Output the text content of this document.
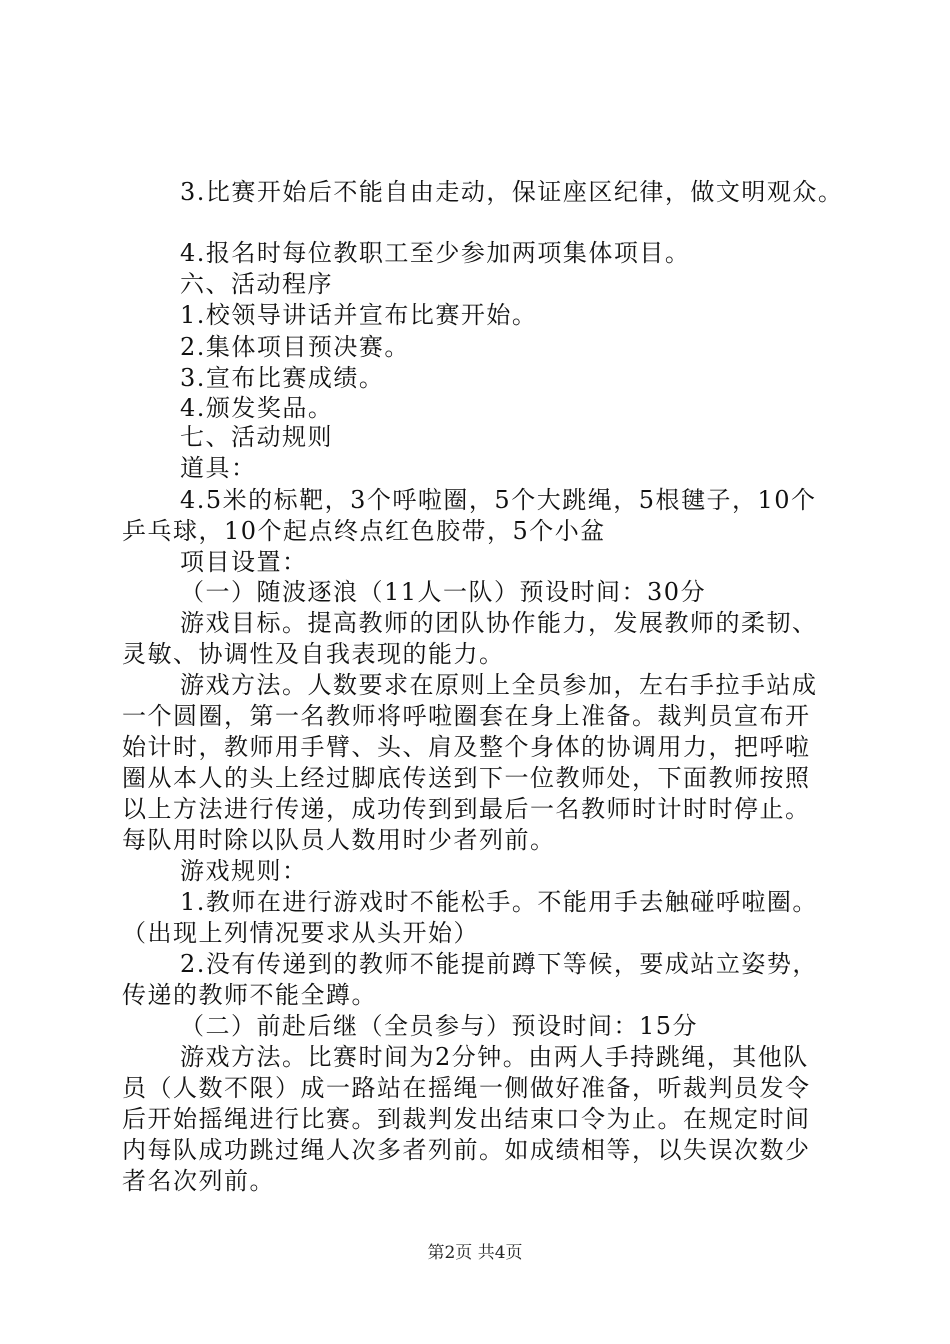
3.比赛开始后不能自由走动，保证座区纪律，做文明观众。
4.报名时每位教职工至少参加两项集体项目。
六、活动程序
1.校领导讲话并宣布比赛开始。
2.集体项目预决赛。
3.宣布比赛成绩。
4.颁发奖品。
七、活动规则
道具：
4.5米的标靶，3个呼啦圈，5个大跳绳，5根毽子，10个
乒乓球，10个起点终点红色胶带，5个小盆
项目设置：
（一）随波逐浪（11人一队）预设时间：30分
游戏目标。提高教师的团队协作能力，发展教师的柔韧、
灵敏、协调性及自我表现的能力。
游戏方法。人数要求在原则上全员参加，左右手拉手站成
一个圆圈，第一名教师将呼啦圈套在身上准备。裁判员宣布开
始计时，教师用手臂、头、肩及整个身体的协调用力，把呼啦
圈从本人的头上经过脚底传送到下一位教师处，下面教师按照
以上方法进行传递，成功传到到最后一名教师时计时时停止。
每队用时除以队员人数用时少者列前。
游戏规则：
1.教师在进行游戏时不能松手。不能用手去触碰呼啦圈。
（出现上列情况要求从头开始）
2.没有传递到的教师不能提前蹲下等候，要成站立姿势，
传递的教师不能全蹲。
（二）前赴后继（全员参与）预设时间：15分
游戏方法。比赛时间为2分钟。由两人手持跳绳，其他队
员（人数不限）成一路站在摇绳一侧做好准备，听裁判员发令
后开始摇绳进行比赛。到裁判发出结束口令为止。在规定时间
内每队成功跳过绳人次多者列前。如成绩相等，以失误次数少
者名次列前。
第2页 共4页
